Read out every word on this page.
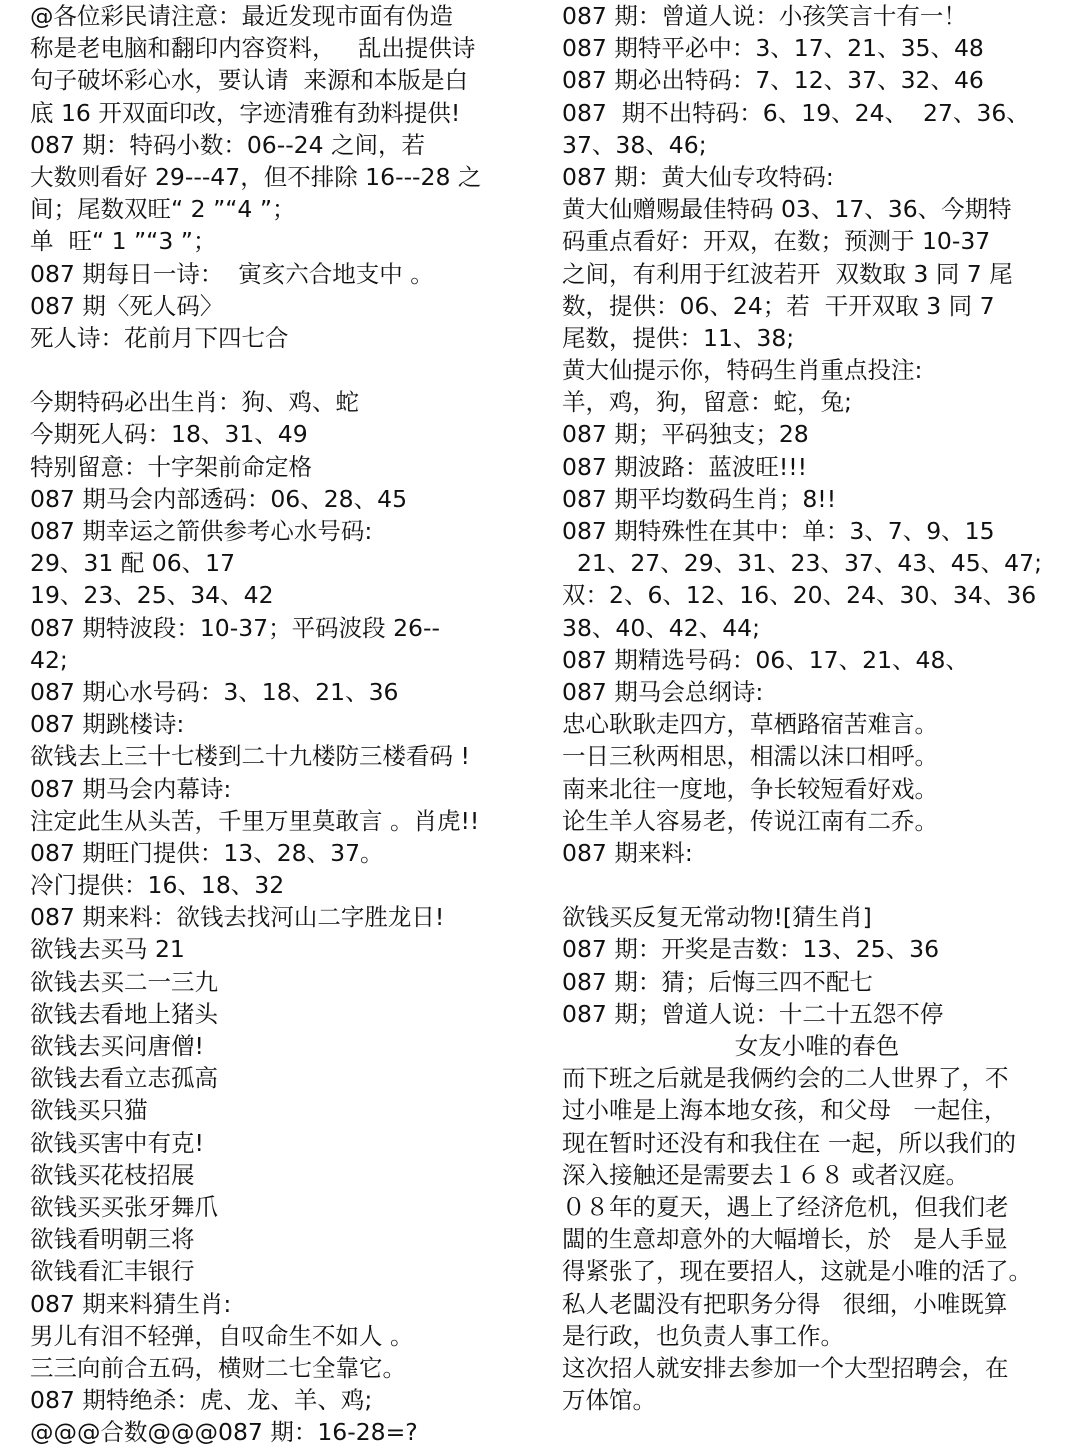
@各位彩民请注意：最近发现市面有伪造
称是老电脑和翻印内容资料，   乱出提供诗
句子破坏彩心水，要认请  来源和本版是白
底 16 开双面印改，字迹清雅有劲料提供!
087 期：特码小数：06--24 之间，若
大数则看好 29---47，但不排除 16---28 之
间；尾数双旺“ 2 ”“4 ”；
单  旺“ 1 ”“3 ”；
087 期每日一诗：  寅亥六合地支中 。
087 期〈死人码〉
死人诗：花前月下四七合
今期特码必出生肖：狗、鸡、蛇
今期死人码：18、31、49
特别留意：十字架前命定格
087 期马会内部透码：06、28、45
087 期幸运之箭供参考心水号码:
29、31 配 06、17
19、23、25、34、42
087 期特波段：10-37；平码波段 26--
42;
087 期心水号码：3、18、21、36
087 期跳楼诗:
欲钱去上三十七楼到二十九楼防三楼看码 !
087 期马会内幕诗:
注定此生从头苦，千里万里莫敢言 。肖虎!!
087 期旺门提供：13、28、37。
冷门提供：16、18、32
087 期来料：欲钱去找河山二字胜龙日!
欲钱去买马 21
欲钱去买二一三九
欲钱去看地上猪头
欲钱去买问唐僧!
欲钱去看立志孤高
欲钱买只猫
欲钱买害中有克!
欲钱买花枝招展
欲钱买买张牙舞爪
欲钱看明朝三将
欲钱看汇丰银行
087 期来料猜生肖:
男儿有泪不轻弹，自叹命生不如人 。
三三向前合五码，横财二七全靠它。
087 期特绝杀：虎、龙、羊、鸡;
@@@合数@@@087 期：16-28=?
087 期：曾道人说：小孩笑言十有一！
087 期特平必中：3、17、21、35、48
087 期必出特码：7、12、37、32、46
087  期不出特码：6、19、24、  27、36、
37、38、46;
087 期：黄大仙专攻特码:
黄大仙赠赐最佳特码 03、17、36、今期特
码重点看好：开双，在数；预测于 10-37
之间，有利用于红波若开  双数取 3 同 7 尾
数，提供：06、24；若  干开双取 3 同 7
尾数，提供：11、38;
黄大仙提示你，特码生肖重点投注:
羊，鸡，狗，留意：蛇，兔;
087 期；平码独支；28
087 期波路：蓝波旺!!!
087 期平均数码生肖；8!!
087 期特殊性在其中：单：3、7、9、15
21、27、29、31、23、37、43、45、47;
双：2、6、12、16、20、24、30、34、36
38、40、42、44;
087 期精选号码：06、17、21、48、
087 期马会总纲诗:
忠心耿耿走四方，草栖路宿苦难言。
一日三秋两相思，相濡以沫口相呼。
南来北往一度地，争长较短看好戏。
论生羊人容易老，传说江南有二乔。
087 期来料:
欲钱买反复无常动物![猜生肖]
087 期：开奖是吉数：13、25、36
087 期：猜；后悔三四不配七
087 期；曾道人说：十二十五怨不停
女友小唯的春色
而下班之后就是我俩约会的二人世界了，不
过小唯是上海本地女孩，和父母   一起住，
现在暂时还没有和我住在 一起，所以我们的
深入接触还是需要去１６８ 或者汉庭。
０８年的夏天，遇上了经济危机，但我们老
闆的生意却意外的大幅增长，於   是人手显
得紧张了，现在要招人，这就是小唯的活了。
私人老闆没有把职务分得   很细，小唯既算
是行政，也负责人事工作。
这次招人就安排去参加一个大型招聘会，在
万体馆。
